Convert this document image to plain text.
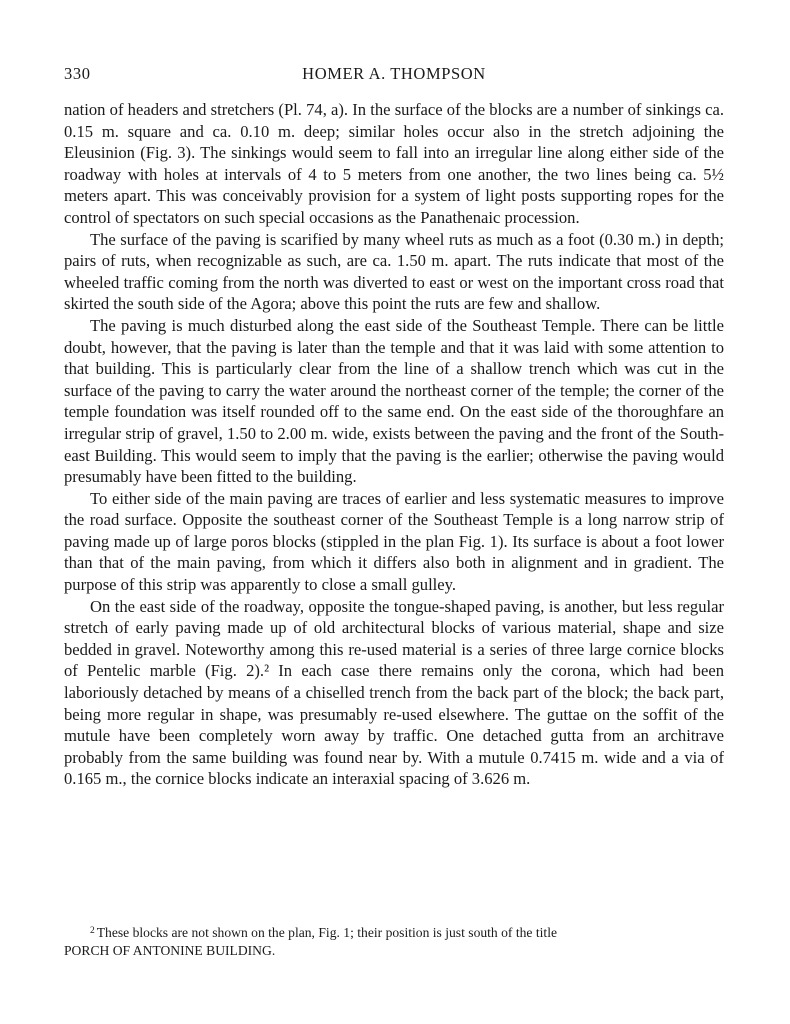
330	HOMER A. THOMPSON

nation of headers and stretchers (Pl. 74, a). In the surface of the blocks are a number of sinkings ca. 0.15 m. square and ca. 0.10 m. deep; similar holes occur also in the stretch adjoining the Eleusinion (Fig. 3). The sinkings would seem to fall into an irregular line along either side of the roadway with holes at intervals of 4 to 5 meters from one another, the two lines being ca. 5½ meters apart. This was conceivably provision for a system of light posts supporting ropes for the control of spectators on such special occasions as the Panathenaic procession.

The surface of the paving is scarified by many wheel ruts as much as a foot (0.30 m.) in depth; pairs of ruts, when recognizable as such, are ca. 1.50 m. apart. The ruts indicate that most of the wheeled traffic coming from the north was diverted to east or west on the important cross road that skirted the south side of the Agora; above this point the ruts are few and shallow.

The paving is much disturbed along the east side of the Southeast Temple. There can be little doubt, however, that the paving is later than the temple and that it was laid with some attention to that building. This is particularly clear from the line of a shallow trench which was cut in the surface of the paving to carry the water around the northeast corner of the temple; the corner of the temple foundation was itself rounded off to the same end. On the east side of the thoroughfare an irregular strip of gravel, 1.50 to 2.00 m. wide, exists between the paving and the front of the Southeast Building. This would seem to imply that the paving is the earlier; otherwise the paving would presumably have been fitted to the building.

To either side of the main paving are traces of earlier and less systematic measures to improve the road surface. Opposite the southeast corner of the Southeast Temple is a long narrow strip of paving made up of large poros blocks (stippled in the plan Fig. 1). Its surface is about a foot lower than that of the main paving, from which it differs also both in alignment and in gradient. The purpose of this strip was apparently to close a small gulley.

On the east side of the roadway, opposite the tongue-shaped paving, is another, but less regular stretch of early paving made up of old architectural blocks of various material, shape and size bedded in gravel. Noteworthy among this re-used material is a series of three large cornice blocks of Pentelic marble (Fig. 2).² In each case there remains only the corona, which had been laboriously detached by means of a chiselled trench from the back part of the block; the back part, being more regular in shape, was presumably re-used elsewhere. The guttae on the soffit of the mutule have been completely worn away by traffic. One detached gutta from an architrave probably from the same building was found near by. With a mutule 0.7415 m. wide and a via of 0.165 m., the cornice blocks indicate an interaxial spacing of 3.626 m.

$^2$ These blocks are not shown on the plan, Fig. 1; their position is just south of the title
PORCH OF ANTONINE BUILDING.
